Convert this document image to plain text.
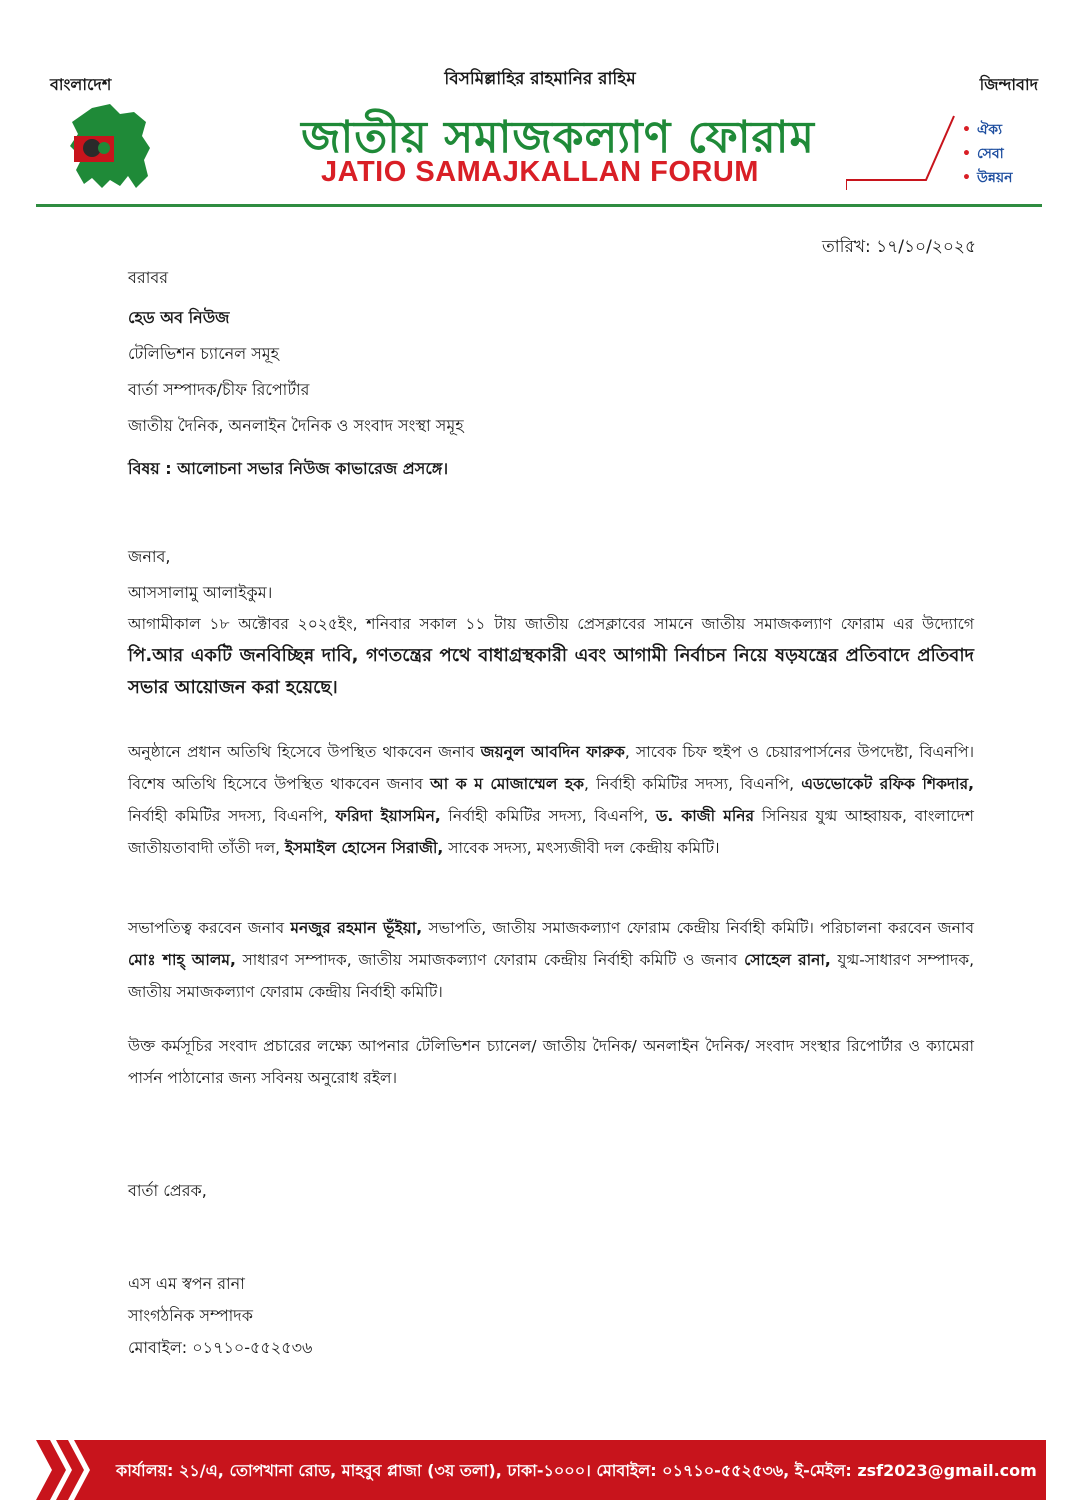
বাংলাদেশ	বিসমিল্লাহির রাহমানির রাহিম	জিন্দাবাদ
জাতীয় সমাজকল্যাণ ফোরাম
JATIO SAMAJKALLAN FORUM
• ঐক্য
• সেবা
• উন্নয়ন
তারিখ: ১৭/১০/২০২৫

বরাবর

হেড অব নিউজ

টেলিভিশন চ্যানেল সমূহ

বার্তা সম্পাদক/চীফ রিপোর্টার

জাতীয় দৈনিক, অনলাইন দৈনিক ও সংবাদ সংস্থা সমূহ

বিষয় : আলোচনা সভার নিউজ কাভারেজ প্রসঙ্গে।
জনাব,
আসসালামু আলাইকুম।

আগামীকাল ১৮ অক্টোবর ২০২৫ইং, শনিবার সকাল ১১ টায় জাতীয় প্রেসক্লাবের সামনে জাতীয় সমাজকল্যাণ ফোরাম এর উদ্যোগে পি.আর একটি জনবিচ্ছিন্ন দাবি, গণতন্ত্রের পথে বাধাগ্রস্থকারী এবং আগামী নির্বাচন নিয়ে ষড়যন্ত্রের প্রতিবাদে প্রতিবাদ সভার আয়োজন করা হয়েছে।

অনুষ্ঠানে প্রধান অতিথি হিসেবে উপস্থিত থাকবেন জনাব জয়নুল আবদিন ফারুক, সাবেক চিফ হুইপ ও চেয়ারপার্সনের উপদেষ্টা, বিএনপি। বিশেষ অতিথি হিসেবে উপস্থিত থাকবেন জনাব আ ক ম মোজাম্মেল হক, নির্বাহী কমিটির সদস্য, বিএনপি, এডভোকেট রফিক শিকদার, নির্বাহী কমিটির সদস্য, বিএনপি, ফরিদা ইয়াসমিন, নির্বাহী কমিটির সদস্য, বিএনপি, ড. কাজী মনির সিনিয়র যুগ্ম আহ্বায়ক, বাংলাদেশ জাতীয়তাবাদী তাঁতী দল, ইসমাইল হোসেন সিরাজী, সাবেক সদস্য, মৎস্যজীবী দল কেন্দ্রীয় কমিটি।

সভাপতিত্ব করবেন জনাব মনজুর রহমান ভূঁইয়া, সভাপতি, জাতীয় সমাজকল্যাণ ফোরাম কেন্দ্রীয় নির্বাহী কমিটি। পরিচালনা করবেন জনাব মোঃ শাহ্ আলম, সাধারণ সম্পাদক, জাতীয় সমাজকল্যাণ ফোরাম কেন্দ্রীয় নির্বাহী কমিটি ও জনাব সোহেল রানা, যুগ্ম-সাধারণ সম্পাদক, জাতীয় সমাজকল্যাণ ফোরাম কেন্দ্রীয় নির্বাহী কমিটি।

উক্ত কর্মসূচির সংবাদ প্রচারের লক্ষ্যে আপনার টেলিভিশন চ্যানেল/ জাতীয় দৈনিক/ অনলাইন দৈনিক/ সংবাদ সংস্থার রিপোর্টার ও ক্যামেরা পার্সন পাঠানোর জন্য সবিনয় অনুরোধ রইল।

বার্তা প্রেরক,

এস এম স্বপন রানা

সাংগঠনিক সম্পাদক

মোবাইল: ০১৭১০-৫৫২৫৩৬

কার্যালয়: ২১/এ, তোপখানা রোড, মাহবুব প্লাজা (৩য় তলা), ঢাকা-১০০০। মোবাইল: ০১৭১০-৫৫২৫৩৬, ই-মেইল: zsf2023@gmail.com
